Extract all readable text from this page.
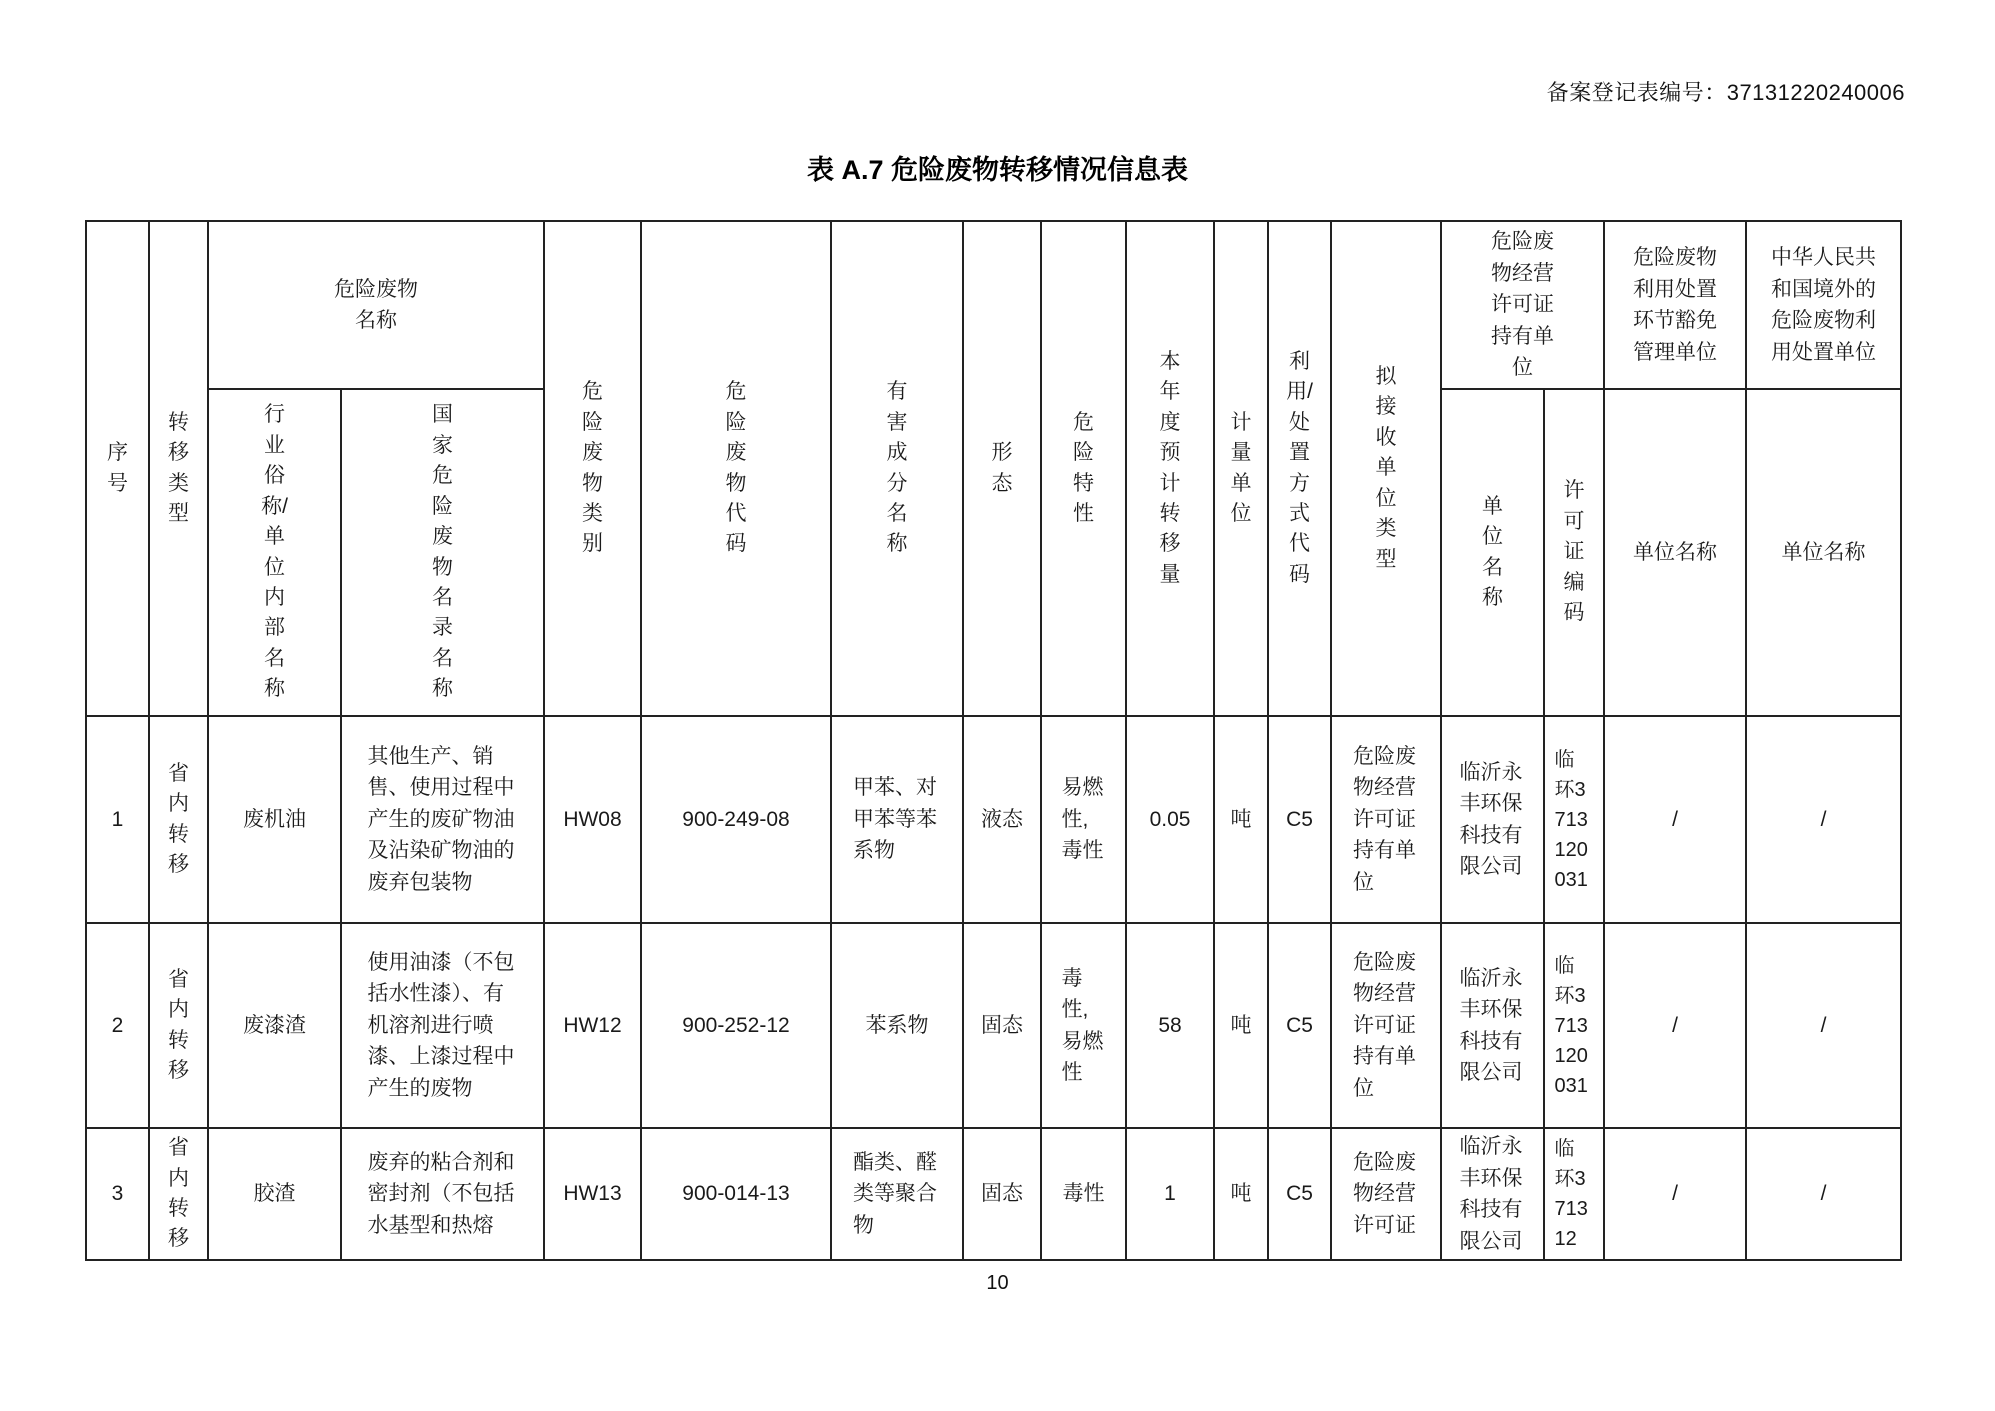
备案登记表编号：37131220240006
表 A.7 危险废物转移情况信息表
序号	转移类型	危险废物名称		危险废物类别	危险废物代码	有害成分名称	形态	危险特性	本年度预计转移量	计量单位	利用/处置方式代码	拟接收单位类型	危险废物经营许可证持有单位		危险废物利用处置环节豁免管理单位	中华人民共和国境外的危险废物利用处置单位

		行业俗称/单位内部名称	国家危险废物名录名称										单位名称	许可证编码	单位名称	单位名称

1	省内转移	废机油	其他生产、销售、使用过程中产生的废矿物油及沾染矿物油的废弃包装物	HW08	900-249-08	甲苯、对甲苯等苯系物	液态	易燃性,毒性	0.05	吨	C5	危险废物经营许可证持有单位	临沂永丰环保科技有限公司	临环3713120031	/	/

2	省内转移	废漆渣	使用油漆（不包括水性漆）、有机溶剂进行喷漆、上漆过程中产生的废物	HW12	900-252-12	苯系物	固态	毒性,易燃性	58	吨	C5	危险废物经营许可证持有单位	临沂永丰环保科技有限公司	临环3713120031	/	/

3	省内转移	胶渣	废弃的粘合剂和密封剂（不包括水基型和热熔	HW13	900-014-13	酯类、醛类等聚合物	固态	毒性	1	吨	C5	危险废物经营许可证	临沂永丰环保科技有限公司	临环371312	/	/
10
